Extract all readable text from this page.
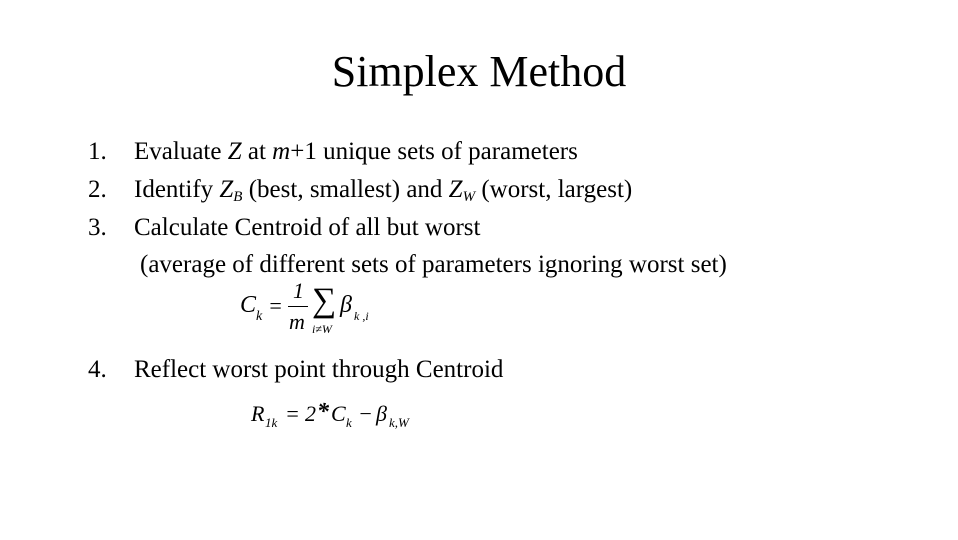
Simplex Method
1. Evaluate Z at m+1 unique sets of parameters
2. Identify $Z_B$ (best, smallest) and $Z_W$ (worst, largest)
3. Calculate Centroid of all but worst
(average of different sets of parameters ignoring worst set)
C k =
1
m
∑
i≠W
β k ,i
4. Reflect worst point through Centroid
R 1k = 2 * C k − β k,W
